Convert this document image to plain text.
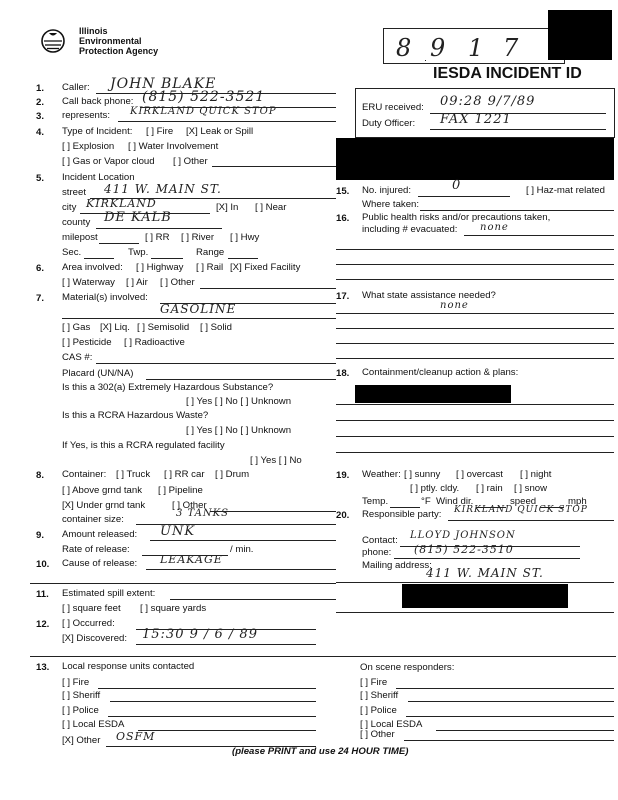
Illinois
Environmental
Protection Agency	8 9 1 7
IESDA INCIDENT ID
1. Caller: JOHN BLAKE
2. Call back phone: (815) 522-3521
3. represents: KIRKLAND QUICK STOP
4. Type of Incident: [ ] Fire [X] Leak or Spill
[ ] Explosion [ ] Water Involvement
[ ] Gas or Vapor cloud [ ] Other
5. Incident Location
street 411 W. MAIN ST.
city KIRKLAND	[X] In [ ] Near
county DE KALB
milepost	[ ] RR [ ] River [ ] Hwy
Sec.	Twp.	Range
6. Area involved: [ ] Highway [ ] Rail [X] Fixed Facility
[ ] Waterway [ ] Air [ ] Other
7. Material(s) involved:
GASOLINE
[ ] Gas [X] Liq. [ ] Semisolid [ ] Solid
[ ] Pesticide [ ] Radioactive
CAS #:
Placard (UN/NA)
Is this a 302(a) Extremely Hazardous Substance?
[ ] Yes [ ] No [ ] Unknown
Is this a RCRA Hazardous Waste?
[ ] Yes [ ] No [ ] Unknown
If Yes, is this a RCRA regulated facility
[ ] Yes [ ] No
8. Container: [ ] Truck [ ] RR car [ ] Drum
[ ] Above grnd tank [ ] Pipeline
[X] Under grnd tank	[ ] Other
container size:
3 TANKS
9. Amount released: UNK
Rate of release:	/ min.
10. Cause of release: LEAKAGE
11. Estimated spill extent:
[ ] square feet [ ] square yards
12. [ ] Occurred:
[X] Discovered: 15:30 9 / 6 / 89
13. Local response units contacted
[ ] Fire
[ ] Sheriff
[ ] Police
[ ] Local ESDA
[X] Other OSFM
On scene responders:
[ ] Fire
[ ] Sheriff
[ ] Police
[ ] Local ESDA
[ ] Other
(please PRINT and use 24 HOUR TIME)
ERU received: 09:28 9/7/89
Duty Officer: FAX 1221
15. No. injured:	0	[ ] Haz-mat related
Where taken:
16. Public health risks and/or precautions taken,
including # evacuated: none
17. What state assistance needed?
none
18. Containment/cleanup action & plans:
19. Weather: [ ] sunny [ ] overcast [ ] night
[ ] ptly. cldy. [ ] rain [ ] snow
Temp.	°F Wind dir.	speed	mph
20. Responsible party: KIRKLAND QUICK STOP
Contact: LLOYD JOHNSON
phone: (815) 522-3510
Mailing address:
411 W. MAIN ST.
